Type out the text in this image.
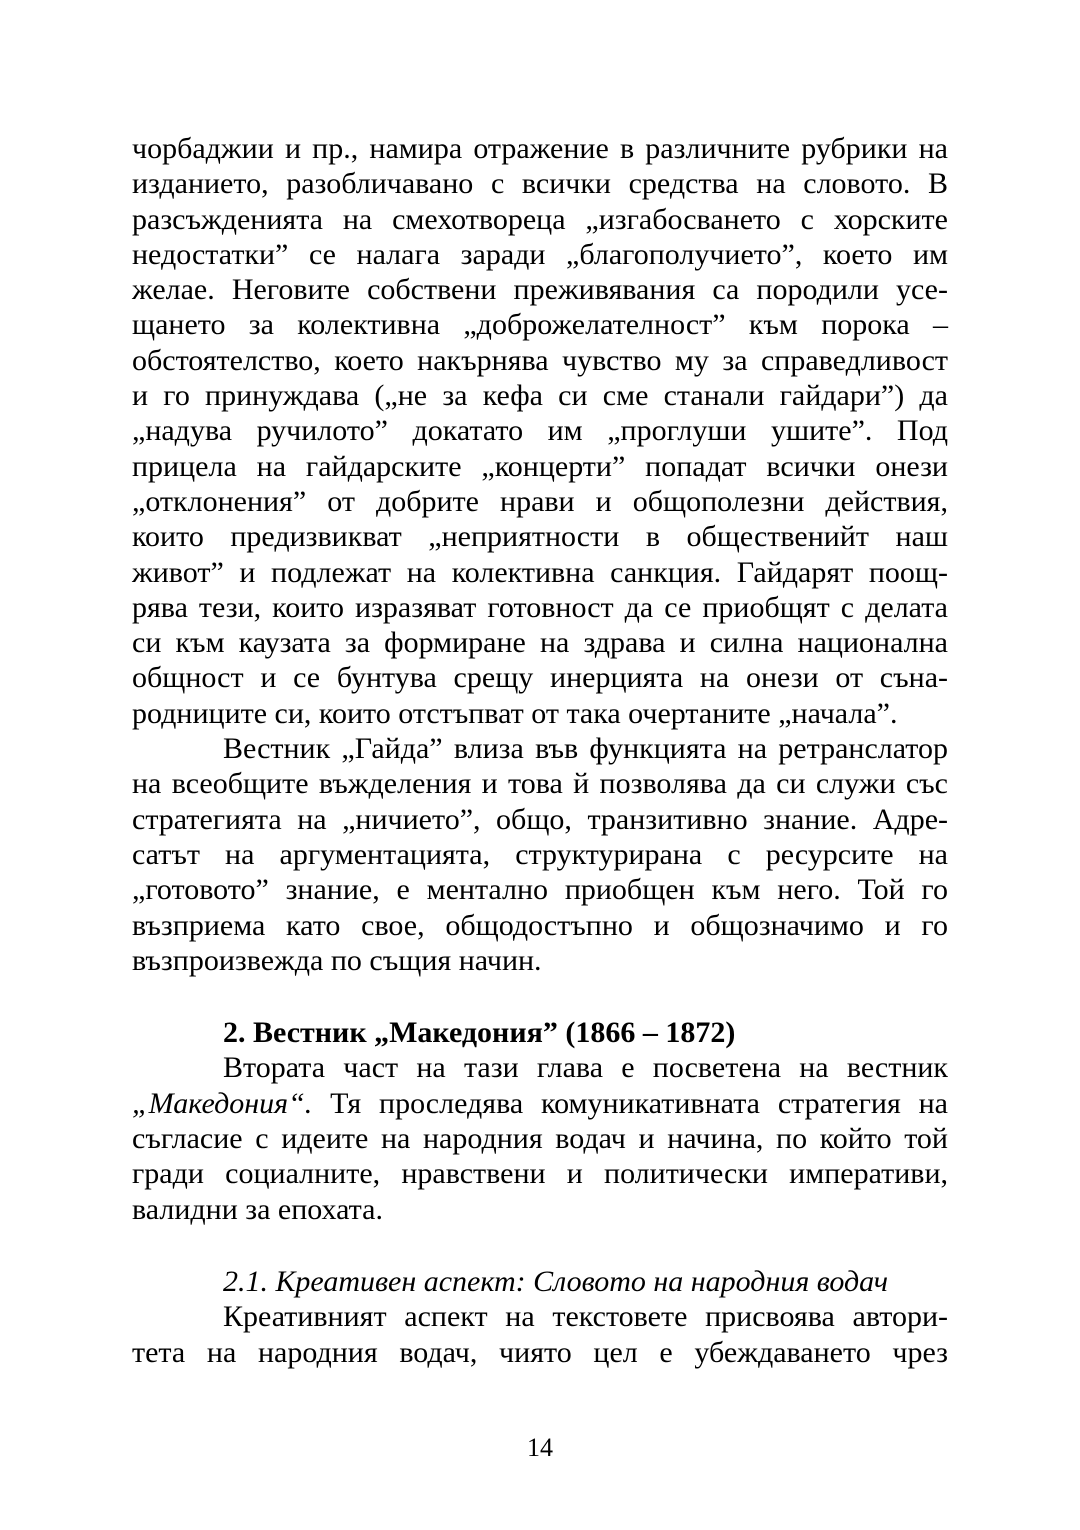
чорбаджии и пр., намира отражение в различните рубрики на
изданието, разобличавано с всички средства на словото. В
разсъжденията на смехотвореца „изгабосването с хорските
недостатки” се налага заради „благополучието”, което им
желае. Неговите собствени преживявания са породили усе-
щането за колективна „доброжелателност” към порока –
обстоятелство, което накърнява чувство му за справедливост
и го принуждава („не за кефа си сме станали гайдари”) да
„надува ручилото” докатато им „проглуши ушите”. Под
прицела на гайдарските „концерти” попадат всички онези
„отклонения” от добрите нрави и общополезни действия,
които предизвикват „неприятности в общественийт наш
живот” и подлежат на колективна санкция. Гайдарят поощ-
рява тези, които изразяват готовност да се приобщят с делата
си към каузата за формиране на здрава и силна национална
общност и се бунтува срещу инерцията на онези от съна-
родниците си, които отстъпват от така очертаните „начала”.
Вестник „Гайда” влиза във функцията на ретранслатор
на всеобщите въжделения и това й позволява да си служи със
стратегията на „ничието”, общо, транзитивно знание. Адре-
сатът на аргументацията, структурирана с ресурсите на
„готовото” знание, е ментално приобщен към него. Той го
възприема като свое, общодостъпно и общозначимо и го
възпроизвежда по същия начин.
2. Вестник „Македония” (1866 – 1872)
Втората част на тази глава е посветена на вестник
„Македония“. Тя проследява комуникативната стратегия на
съгласие с идеите на народния водач и начина, по който той
гради социалните, нравствени и политически императиви,
валидни за епохата.
2.1. Креативен аспект: Словото на народния водач
Креативният аспект на текстовете присвоява автори-
тета на народния водач, чиято цел е убеждаването чрез
14
